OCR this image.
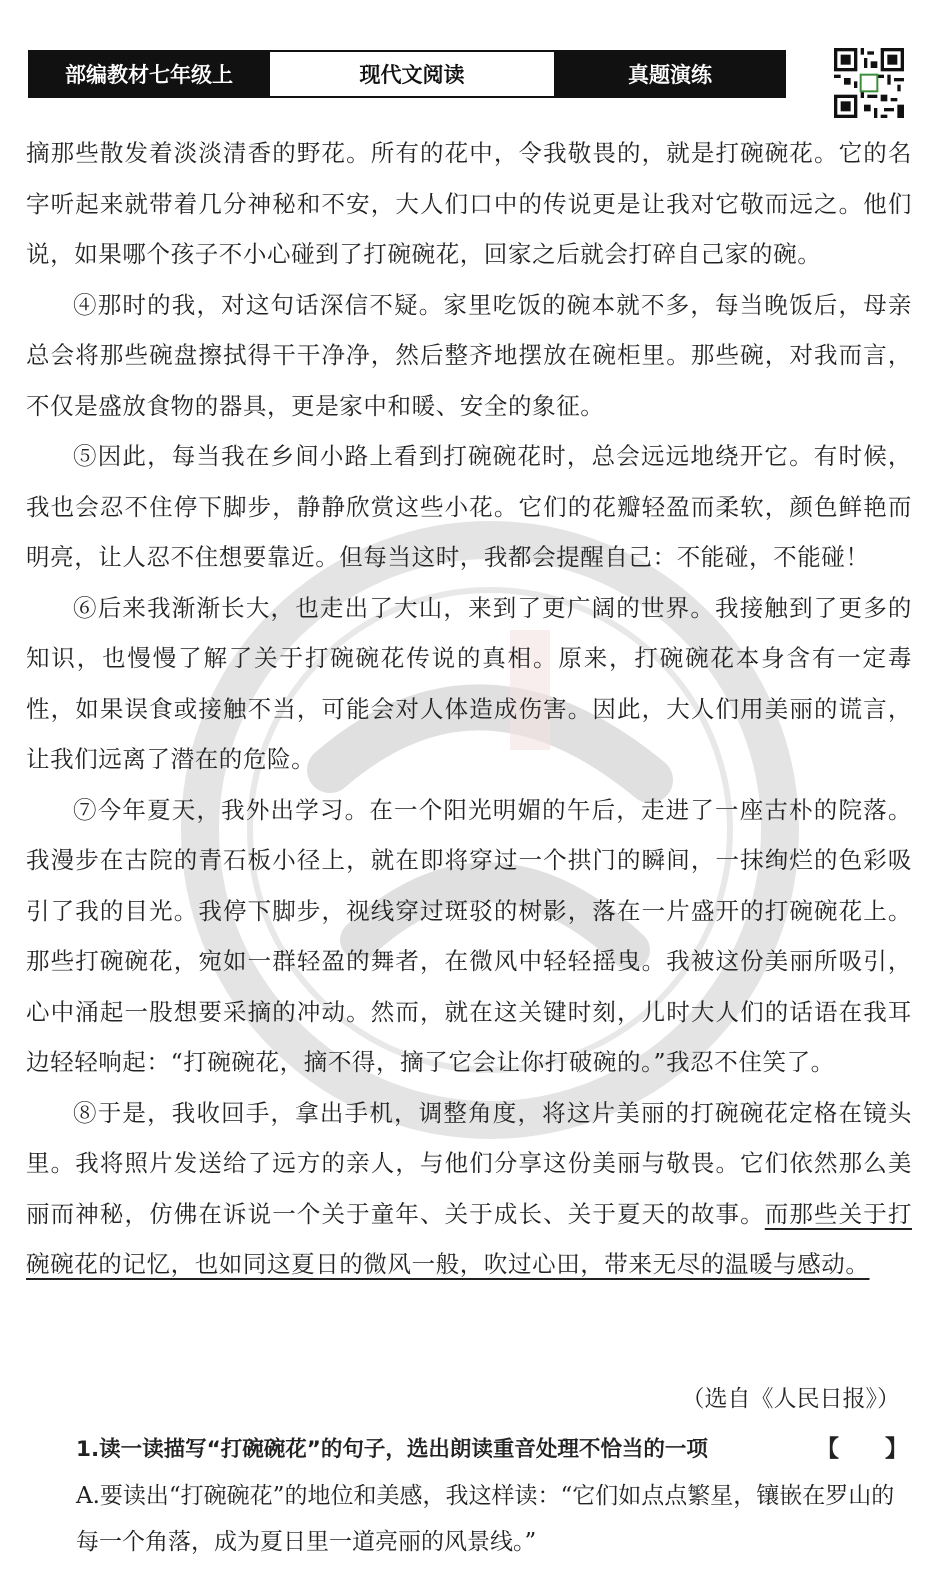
部编教材七年级上	现代文阅读	真题演练

摘那些散发着淡淡清香的野花。所有的花中，令我敬畏的，就是打碗碗花。它的名字听起来就带着几分神秘和不安，大人们口中的传说更是让我对它敬而远之。他们说，如果哪个孩子不小心碰到了打碗碗花，回家之后就会打碎自己家的碗。

④那时的我，对这句话深信不疑。家里吃饭的碗本就不多，每当晚饭后，母亲总会将那些碗盘擦拭得干干净净，然后整齐地摆放在碗柜里。那些碗，对我而言，不仅是盛放食物的器具，更是家中和暖、安全的象征。

⑤因此，每当我在乡间小路上看到打碗碗花时，总会远远地绕开它。有时候，我也会忍不住停下脚步，静静欣赏这些小花。它们的花瓣轻盈而柔软，颜色鲜艳而明亮，让人忍不住想要靠近。但每当这时，我都会提醒自己：不能碰，不能碰！

⑥后来我渐渐长大，也走出了大山，来到了更广阔的世界。我接触到了更多的知识，也慢慢了解了关于打碗碗花传说的真相。原来，打碗碗花本身含有一定毒性，如果误食或接触不当，可能会对人体造成伤害。因此，大人们用美丽的谎言，让我们远离了潜在的危险。

⑦今年夏天，我外出学习。在一个阳光明媚的午后，走进了一座古朴的院落。我漫步在古院的青石板小径上，就在即将穿过一个拱门的瞬间，一抹绚烂的色彩吸引了我的目光。我停下脚步，视线穿过斑驳的树影，落在一片盛开的打碗碗花上。那些打碗碗花，宛如一群轻盈的舞者，在微风中轻轻摇曳。我被这份美丽所吸引，心中涌起一股想要采摘的冲动。然而，就在这关键时刻，儿时大人们的话语在我耳边轻轻响起：“打碗碗花，摘不得，摘了它会让你打破碗的。”我忍不住笑了。

⑧于是，我收回手，拿出手机，调整角度，将这片美丽的打碗碗花定格在镜头里。我将照片发送给了远方的亲人，与他们分享这份美丽与敬畏。它们依然那么美丽而神秘，仿佛在诉说一个关于童年、关于成长、关于夏天的故事。而那些关于打碗碗花的记忆，也如同这夏日的微风一般，吹过心田，带来无尽的温暖与感动。

（选自《人民日报》）
【　　】
1.读一读描写“打碗碗花”的句子，选出朗读重音处理不恰当的一项
A.要读出“打碗碗花”的地位和美感，我这样读：“它们如点点繁星，镶嵌在罗山的每一个角落，成为夏日里一道亮丽的风景线。”
